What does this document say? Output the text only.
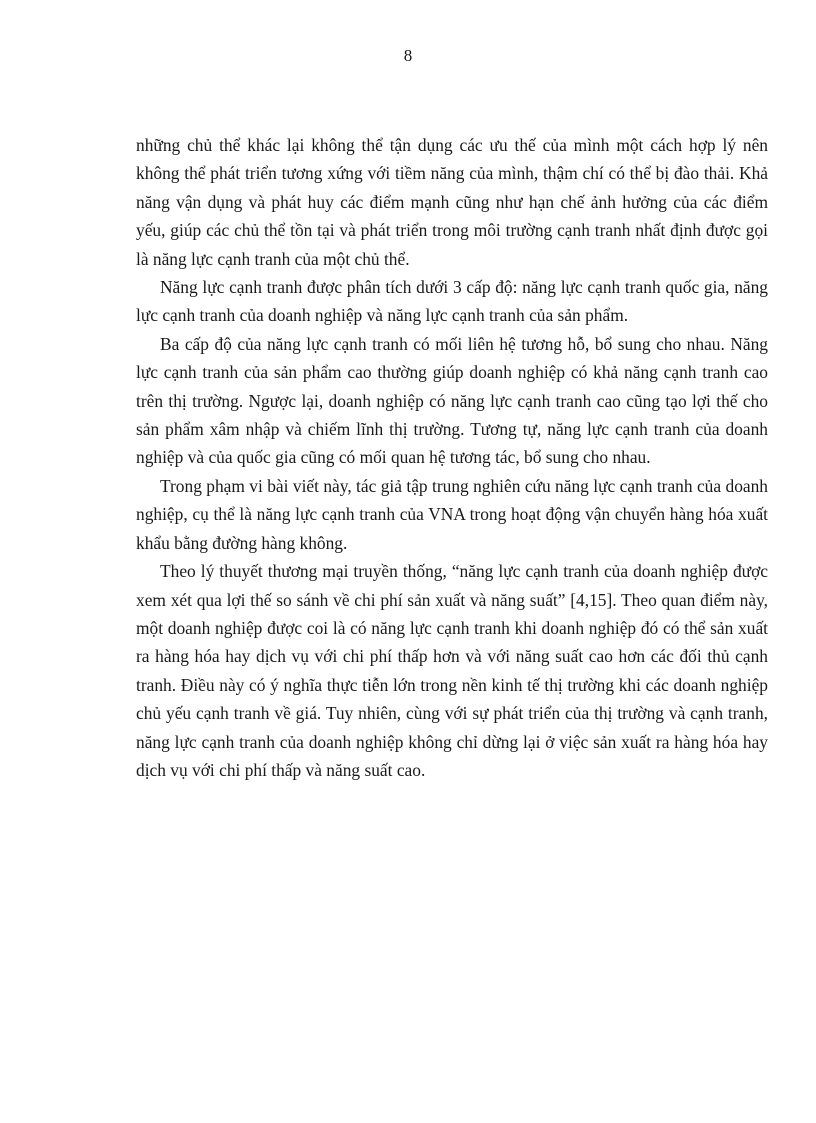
8

những chủ thể khác lại không thể tận dụng các ưu thế của mình một cách hợp lý nên không thể phát triển tương xứng với tiềm năng của mình, thậm chí có thể bị đào thải. Khả năng vận dụng và phát huy các điểm mạnh cũng như hạn chế ảnh hưởng của các điểm yếu, giúp các chủ thể tồn tại và phát triển trong môi trường cạnh tranh nhất định được gọi là năng lực cạnh tranh của một chủ thể.

Năng lực cạnh tranh được phân tích dưới 3 cấp độ: năng lực cạnh tranh quốc gia, năng lực cạnh tranh của doanh nghiệp và năng lực cạnh tranh của sản phẩm.

Ba cấp độ của năng lực cạnh tranh có mối liên hệ tương hỗ, bổ sung cho nhau. Năng lực cạnh tranh của sản phẩm cao thường giúp doanh nghiệp có khả năng cạnh tranh cao trên thị trường. Ngược lại, doanh nghiệp có năng lực cạnh tranh cao cũng tạo lợi thế cho sản phẩm xâm nhập và chiếm lĩnh thị trường. Tương tự, năng lực cạnh tranh của doanh nghiệp và của quốc gia cũng có mối quan hệ tương tác, bổ sung cho nhau.

Trong phạm vi bài viết này, tác giả tập trung nghiên cứu năng lực cạnh tranh của doanh nghiệp, cụ thể là năng lực cạnh tranh của VNA trong hoạt động vận chuyển hàng hóa xuất khẩu bằng đường hàng không.

Theo lý thuyết thương mại truyền thống, “năng lực cạnh tranh của doanh nghiệp được xem xét qua lợi thế so sánh về chi phí sản xuất và năng suất” [4,15]. Theo quan điểm này, một doanh nghiệp được coi là có năng lực cạnh tranh khi doanh nghiệp đó có thể sản xuất ra hàng hóa hay dịch vụ với chi phí thấp hơn và với năng suất cao hơn các đối thủ cạnh tranh. Điều này có ý nghĩa thực tiễn lớn trong nền kinh tế thị trường khi các doanh nghiệp chủ yếu cạnh tranh về giá. Tuy nhiên, cùng với sự phát triển của thị trường và cạnh tranh, năng lực cạnh tranh của doanh nghiệp không chỉ dừng lại ở việc sản xuất ra hàng hóa hay dịch vụ với chi phí thấp và năng suất cao.
